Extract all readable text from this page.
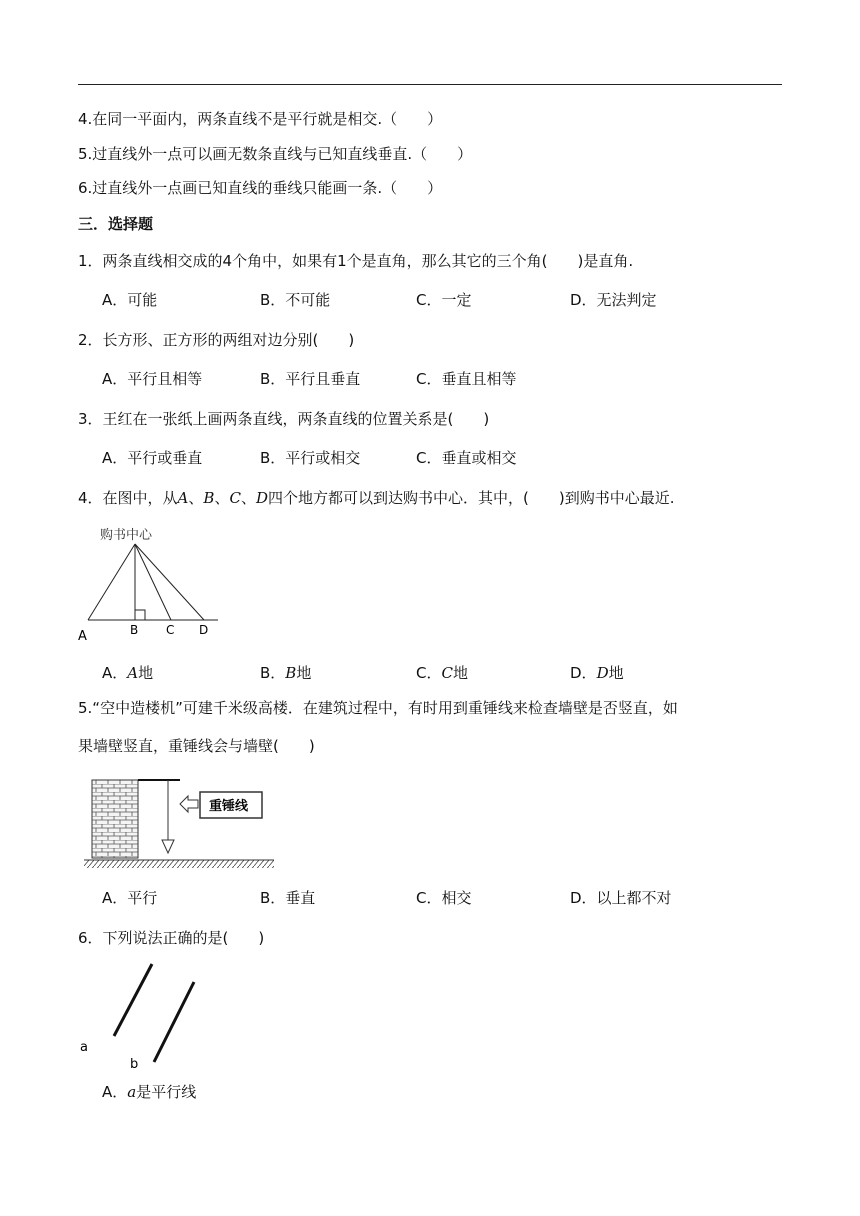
4.在同一平面内，两条直线不是平行就是相交.（　　）
5.过直线外一点可以画无数条直线与已知直线垂直.（　　）
6.过直线外一点画已知直线的垂线只能画一条.（　　）
三．选择题
1．两条直线相交成的4个角中，如果有1个是直角，那么其它的三个角(　　)是直角.
A．可能	B．不可能	C．一定	D．无法判定
2．长方形、正方形的两组对边分别(　　)
A．平行且相等	B．平行且垂直	C．垂直且相等
3．王红在一张纸上画两条直线，两条直线的位置关系是(　　)
A．平行或垂直	B．平行或相交	C．垂直或相交
4．在图中，从A、B、C、D四个地方都可以到达购书中心．其中，(　　)到购书中心最近.
购书中心
A	B C D
A．A地	B．B地	C．C地	D．D地
5.“空中造楼机”可建千米级高楼．在建筑过程中，有时用到重锤线来检查墙壁是否竖直，如
果墙壁竖直，重锤线会与墙壁(　　)
重锤线
A．平行	B．垂直	C．相交	D．以上都不对
6．下列说法正确的是(　　)
a
b
A．a是平行线
